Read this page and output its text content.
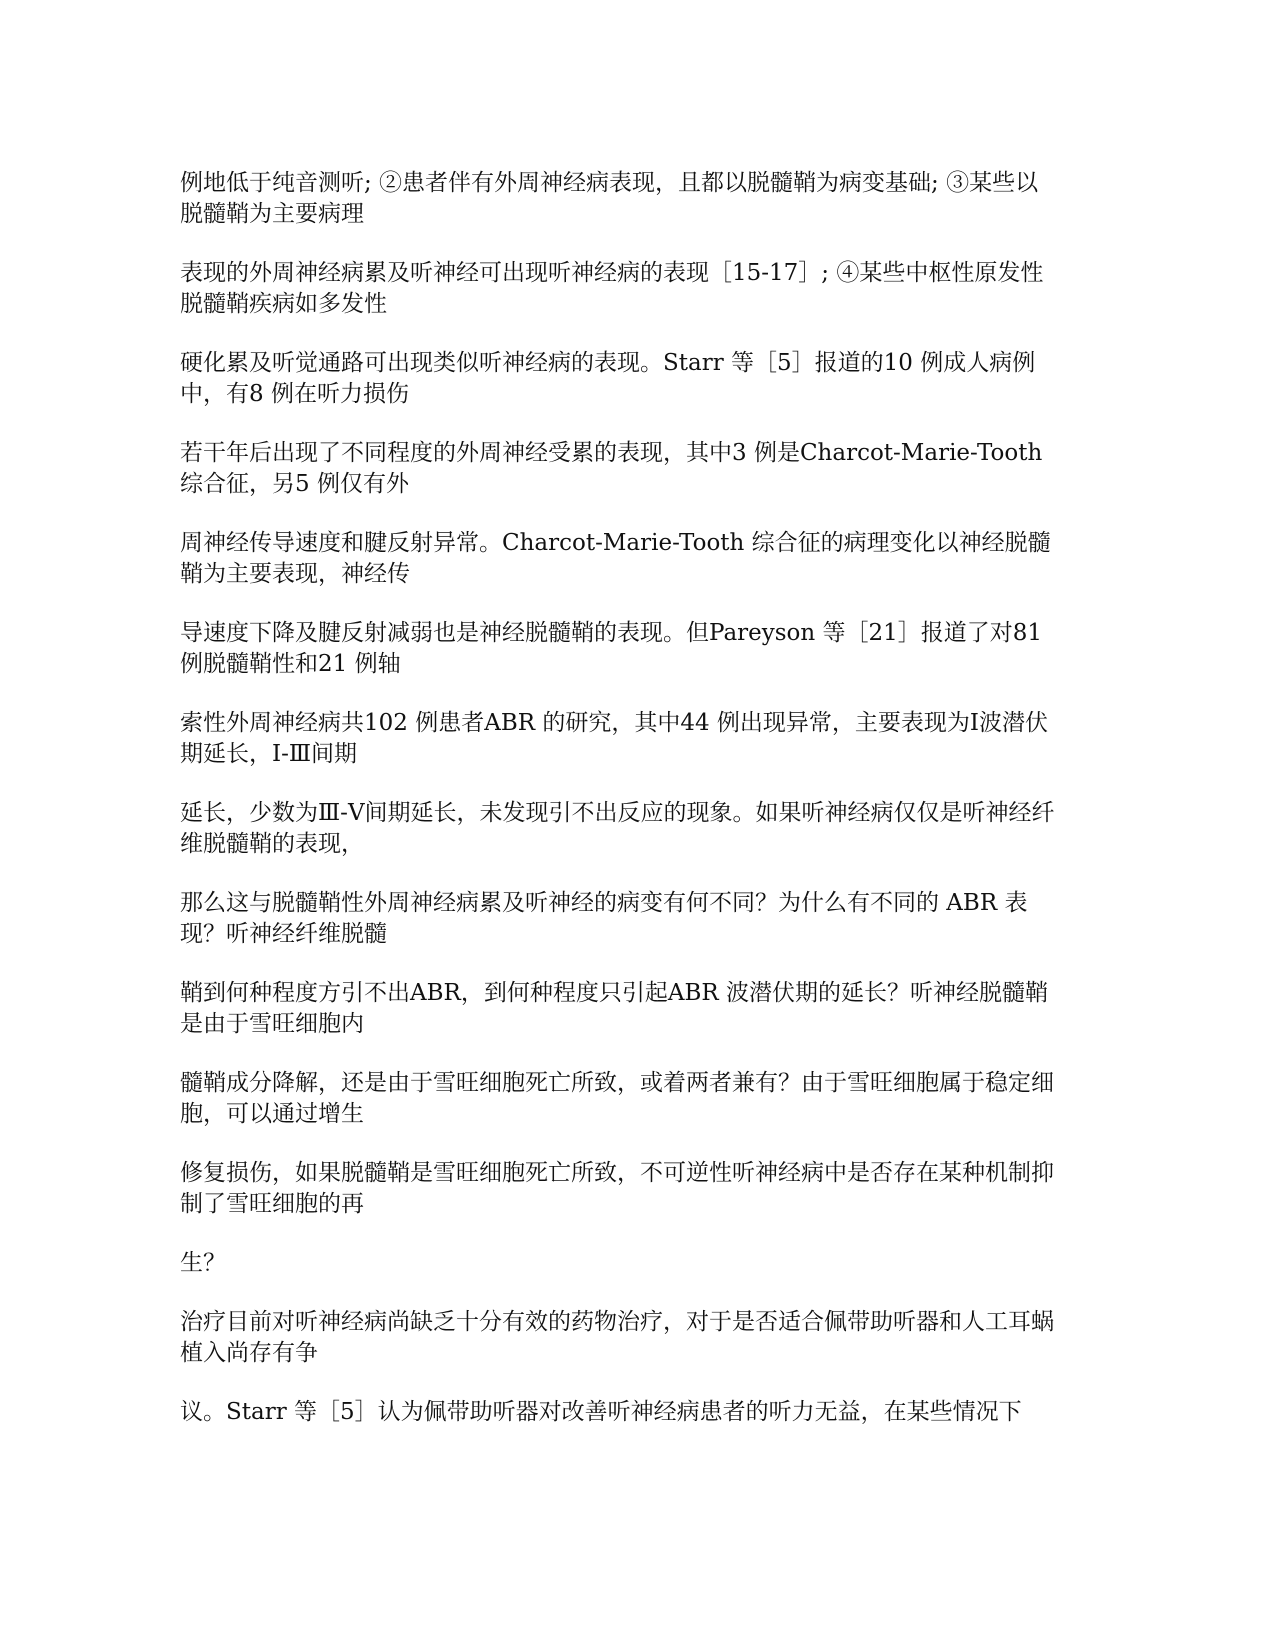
例地低于纯音测听; ②患者伴有外周神经病表现，且都以脱髓鞘为病变基础; ③某些以脱髓鞘为主要病理

表现的外周神经病累及听神经可出现听神经病的表现［15-17］; ④某些中枢性原发性脱髓鞘疾病如多发性

硬化累及听觉通路可出现类似听神经病的表现。Starr 等［5］报道的10 例成人病例中，有8 例在听力损伤

若干年后出现了不同程度的外周神经受累的表现，其中3 例是Charcot-Marie-Tooth 综合征，另5 例仅有外

周神经传导速度和腱反射异常。Charcot-Marie-Tooth 综合征的病理变化以神经脱髓鞘为主要表现，神经传

导速度下降及腱反射减弱也是神经脱髓鞘的表现。但Pareyson 等［21］报道了对81 例脱髓鞘性和21 例轴

索性外周神经病共102 例患者ABR 的研究，其中44 例出现异常，主要表现为Ⅰ波潜伏期延长，Ⅰ-Ⅲ间期

延长，少数为Ⅲ-Ⅴ间期延长，未发现引不出反应的现象。如果听神经病仅仅是听神经纤维脱髓鞘的表现，

那么这与脱髓鞘性外周神经病累及听神经的病变有何不同？为什么有不同的 ABR 表现？听神经纤维脱髓

鞘到何种程度方引不出ABR，到何种程度只引起ABR 波潜伏期的延长？听神经脱髓鞘是由于雪旺细胞内

髓鞘成分降解，还是由于雪旺细胞死亡所致，或着两者兼有？由于雪旺细胞属于稳定细胞，可以通过增生

修复损伤，如果脱髓鞘是雪旺细胞死亡所致，不可逆性听神经病中是否存在某种机制抑制了雪旺细胞的再

生？

治疗目前对听神经病尚缺乏十分有效的药物治疗，对于是否适合佩带助听器和人工耳蜗植入尚存有争

议。Starr 等［5］认为佩带助听器对改善听神经病患者的听力无益，在某些情况下
